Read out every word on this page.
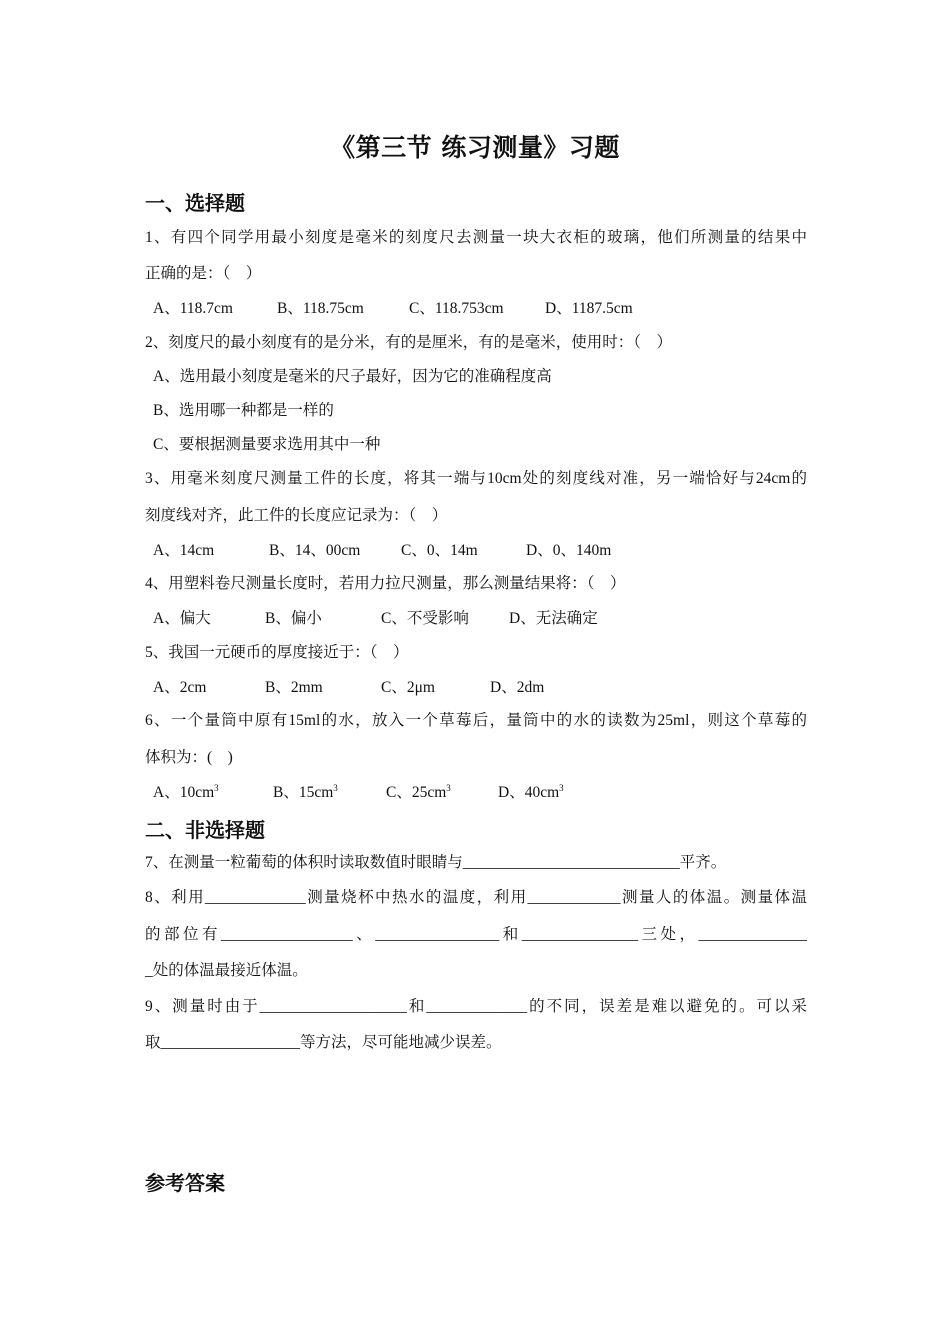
《第三节 练习测量》习题
一、选择题
1、有四个同学用最小刻度是毫米的刻度尺去测量一块大衣柜的玻璃，他们所测量的结果中
正确的是：（　）
A、118.7cm	B、118.75cm	C、118.753cm	D、1187.5cm
2、刻度尺的最小刻度有的是分米，有的是厘米，有的是毫米，使用时：（　）
A、选用最小刻度是毫米的尺子最好，因为它的准确程度高
B、选用哪一种都是一样的
C、要根据测量要求选用其中一种
3、用毫米刻度尺测量工件的长度，将其一端与10cm处的刻度线对准，另一端恰好与24cm的
刻度线对齐，此工件的长度应记录为：（　）
A、14cm	B、14、00cm	C、0、14m	D、0、140m
4、用塑料卷尺测量长度时，若用力拉尺测量，那么测量结果将：（　）
A、偏大	B、偏小	C、不受影响	D、无法确定
5、我国一元硬币的厚度接近于：（　）
A、2cm	B、2mm	C、2μm	D、2dm
6、一个量筒中原有15ml的水，放入一个草莓后，量筒中的水的读数为25ml，则这个草莓的
体积为：(　)
A、$10cm^3$	B、$15cm^3$	C、$25cm^3$	D、$40cm^3$
二、非选择题
7、在测量一粒葡萄的体积时读取数值时眼睛与____________________________平齐。
8、利用_____________测量烧杯中热水的温度，利用____________测量人的体温。测量体温
的部位有_________________、________________和_______________三处，______________
_处的体温最接近体温。
9、测量时由于___________________和_____________的不同，误差是难以避免的。可以采
取__________________等方法，尽可能地减少误差。
参考答案
